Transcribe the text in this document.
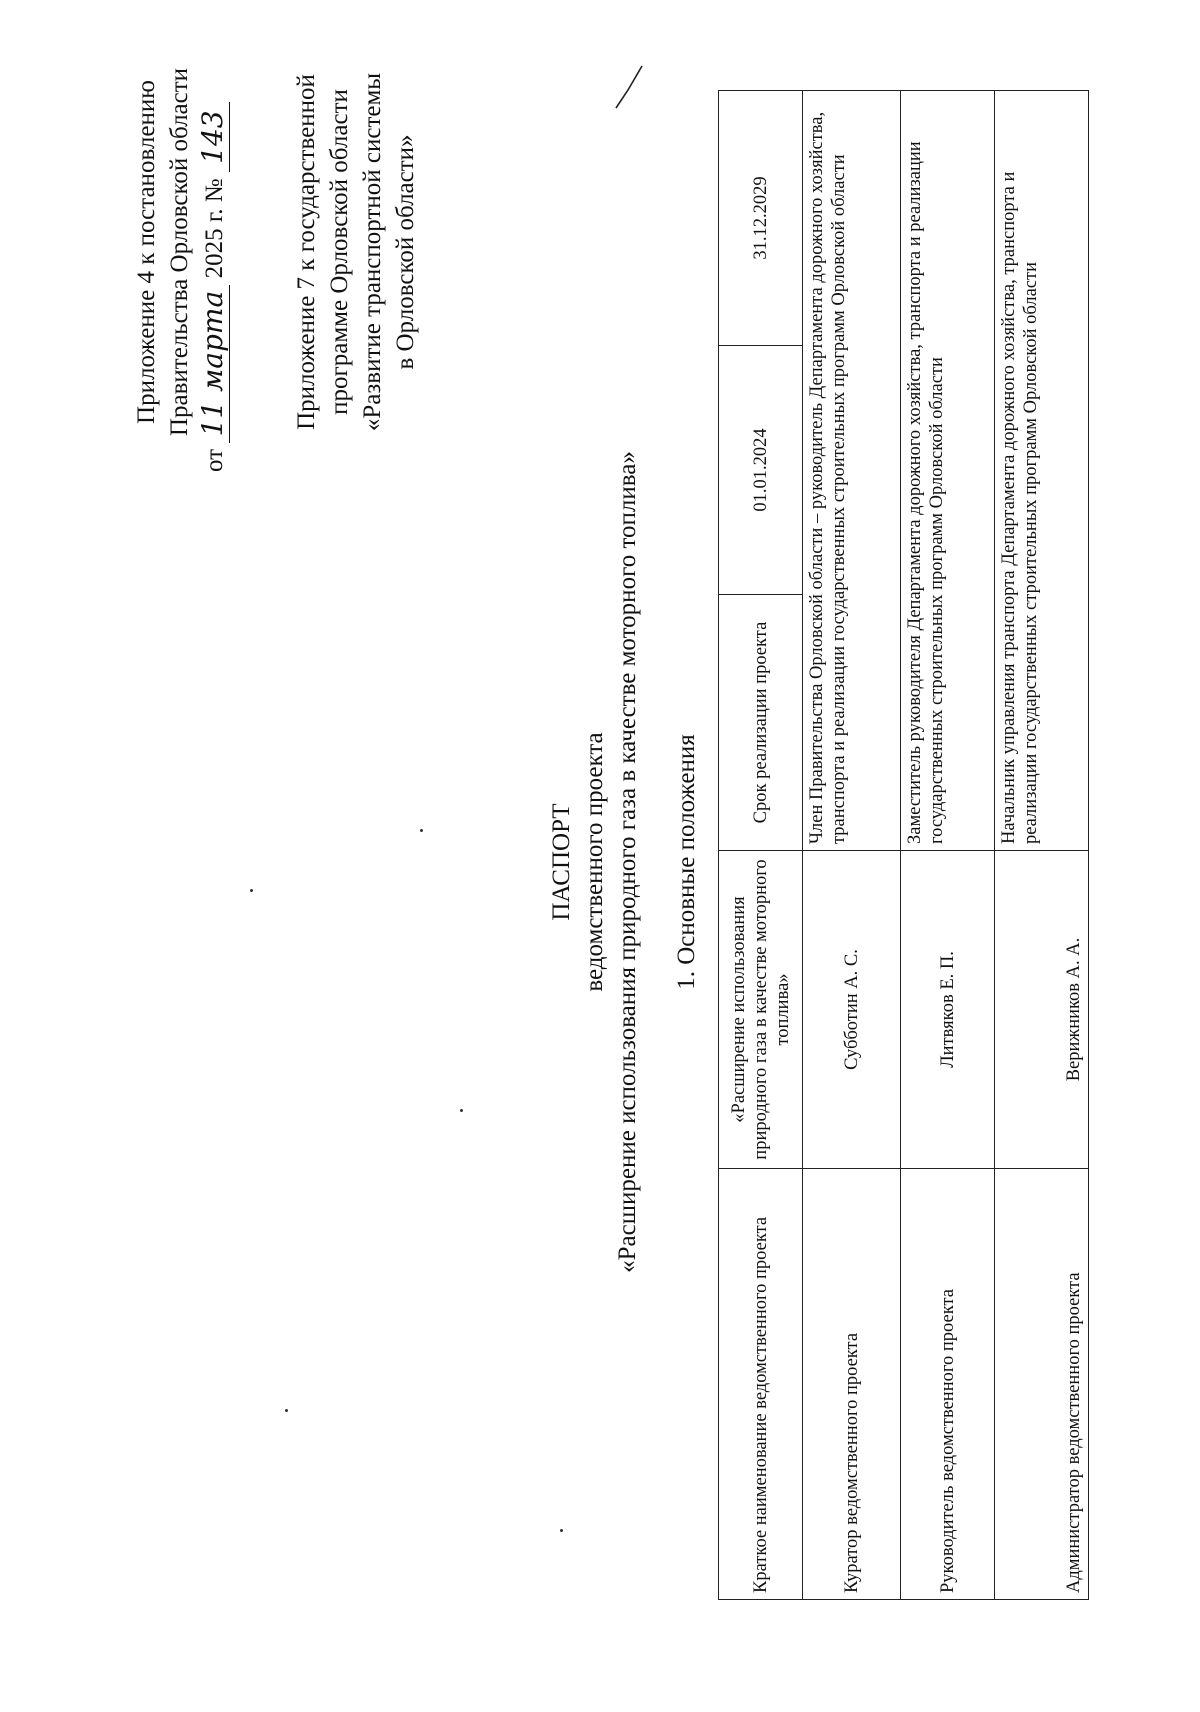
Приложение 4 к постановлению Правительства Орловской области
от 11 марта 2025 г. № 143	Приложение 7 к государственной программе Орловской области «Развитие транспортной системы в Орловской области»
ПАСПОРТ ведомственного проекта «Расширение использования природного газа в качестве моторного топлива» 1. Основные положения
Краткое наименование ведомственного проекта	«Расширение использования природного газа в качестве моторного топлива»	Срок реализации проекта	01.01.2024	31.12.2029
Куратор ведомственного проекта	Субботин А. С.	Член Правительства Орловской области – руководитель Департамента дорожного хозяйства, транспорта и реализации государственных строительных программ Орловской области		
Руководитель ведомственного проекта	Литвяков Е. П.	Заместитель руководителя Департамента дорожного хозяйства, транспорта и реализации государственных строительных программ Орловской области		
Администратор ведомственного проекта	Верижников А. А.	Начальник управления транспорта Департамента дорожного хозяйства, транспорта и реализации государственных строительных программ Орловской области		
